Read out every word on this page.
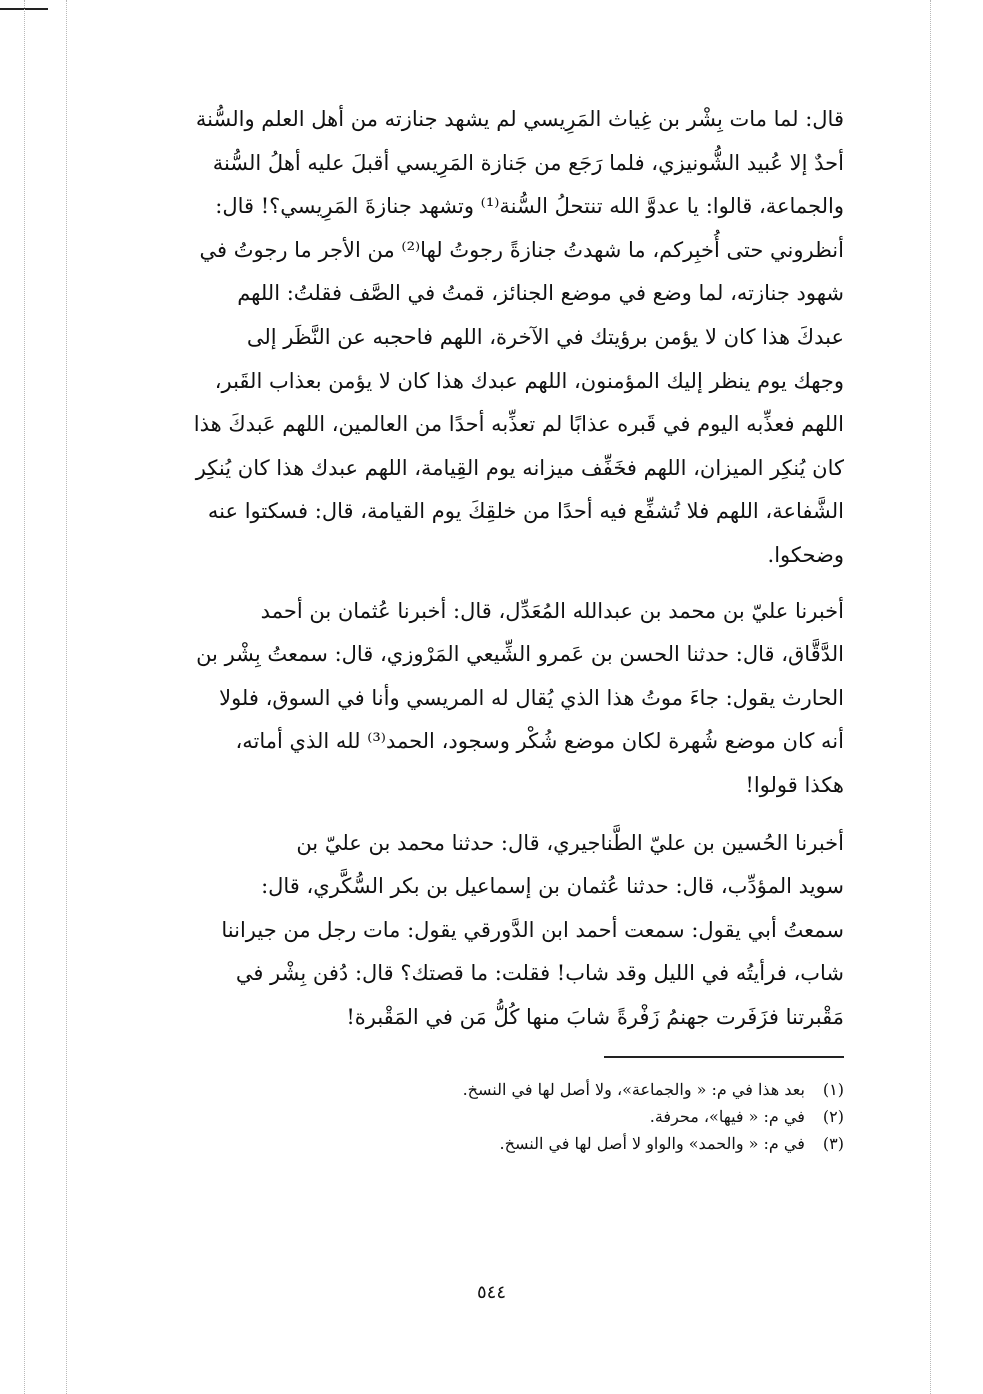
قال: لما مات بِشْر بن غِياث المَرِيسي لم يشهد جنازته من أهل العلم والسُّنة
أحدٌ إلا عُبيد الشُّونيزي، فلما رَجَع من جَنازة المَرِيسي أقبلَ عليه أهلُ السُّنة
والجماعة، قالوا: يا عدوَّ الله تنتحلُ السُّنة⁽¹⁾ وتشهد جنازةَ المَرِيسي؟! قال:
أنظروني حتى أُخبِركم، ما شهدتُ جنازةً رجوتُ لها⁽²⁾ من الأجر ما رجوتُ في
شهود جنازته، لما وضع في موضع الجنائز، قمتُ في الصَّف فقلتُ: اللهم
عبدكَ هذا كان لا يؤمن برؤيتك في الآخرة، اللهم فاحجبه عن النَّظَر إلى
وجهك يوم ينظر إليك المؤمنون، اللهم عبدك هذا كان لا يؤمن بعذاب القَبر،
اللهم فعذِّبه اليوم في قَبره عذابًا لم تعذِّبه أحدًا من العالمين، اللهم عَبدكَ هذا
كان يُنكِر الميزان، اللهم فخَفِّف ميزانه يوم القِيامة، اللهم عبدك هذا كان يُنكِر
الشَّفاعة، اللهم فلا تُشفِّع فيه أحدًا من خلقِكَ يوم القيامة، قال: فسكتوا عنه
وضحكوا.

أخبرنا عليّ بن محمد بن عبدالله المُعَدِّل، قال: أخبرنا عُثمان بن أحمد
الدَّقَّاق، قال: حدثنا الحسن بن عَمرو الشِّيعي المَرْوزي، قال: سمعتُ بِشْر بن
الحارث يقول: جاءَ موتُ هذا الذي يُقال له المريسي وأنا في السوق، فلولا
أنه كان موضع شُهرة لكان موضع شُكْر وسجود، الحمد⁽³⁾ لله الذي أماته،
هكذا قولوا!

أخبرنا الحُسين بن عليّ الطَّناجيري، قال: حدثنا محمد بن عليّ بن
سويد المؤدِّب، قال: حدثنا عُثمان بن إسماعيل بن بكر السُّكَّري، قال:
سمعتُ أبي يقول: سمعت أحمد ابن الدَّورقي يقول: مات رجل من جيراننا
شاب، فرأيتُه في الليل وقد شاب! فقلت: ما قصتك؟ قال: دُفن بِشْر في
مَقْبرتنا فزَفَرت جهنمُ زَفْرةً شابَ منها كُلُّ مَن في المَقْبرة!

(١)بعد هذا في م: « والجماعة»، ولا أصل لها في النسخ.
(٢)في م: « فيها»، محرفة.
(٣)في م: « والحمد» والواو لا أصل لها في النسخ.
٥٤٤
